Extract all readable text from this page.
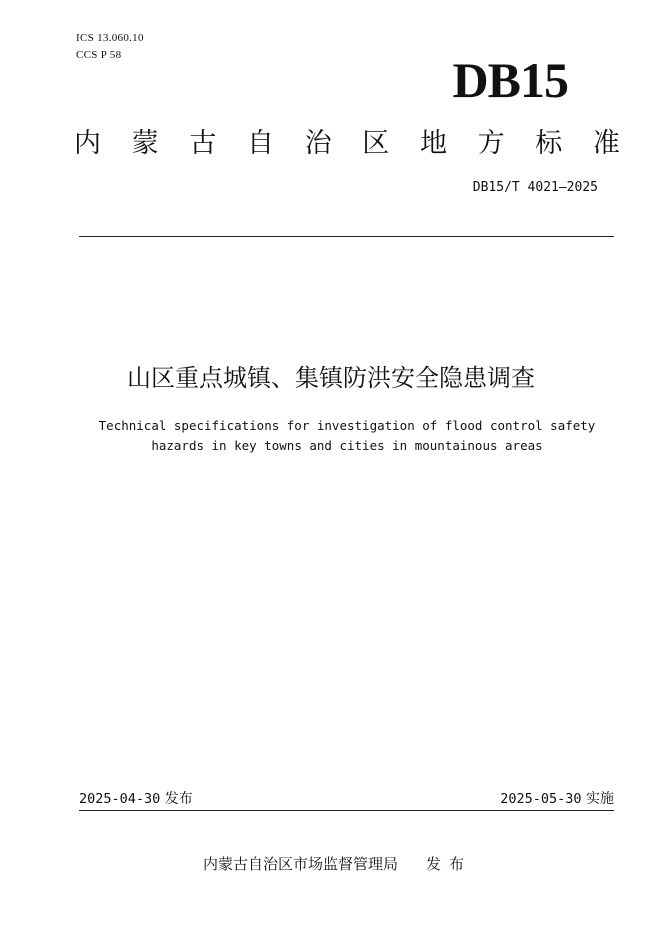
ICS 13.060.10
CCS P 58	DB15
内 蒙 古 自 治 区 地 方 标 准
DB15/T 4021—2025
山区重点城镇、集镇防洪安全隐患调查
Technical specifications for investigation of flood control safety
hazards in key towns and cities in mountainous areas
2025-04-30 发布	2025-05-30 实施
内蒙古自治区市场监督管理局 发布
